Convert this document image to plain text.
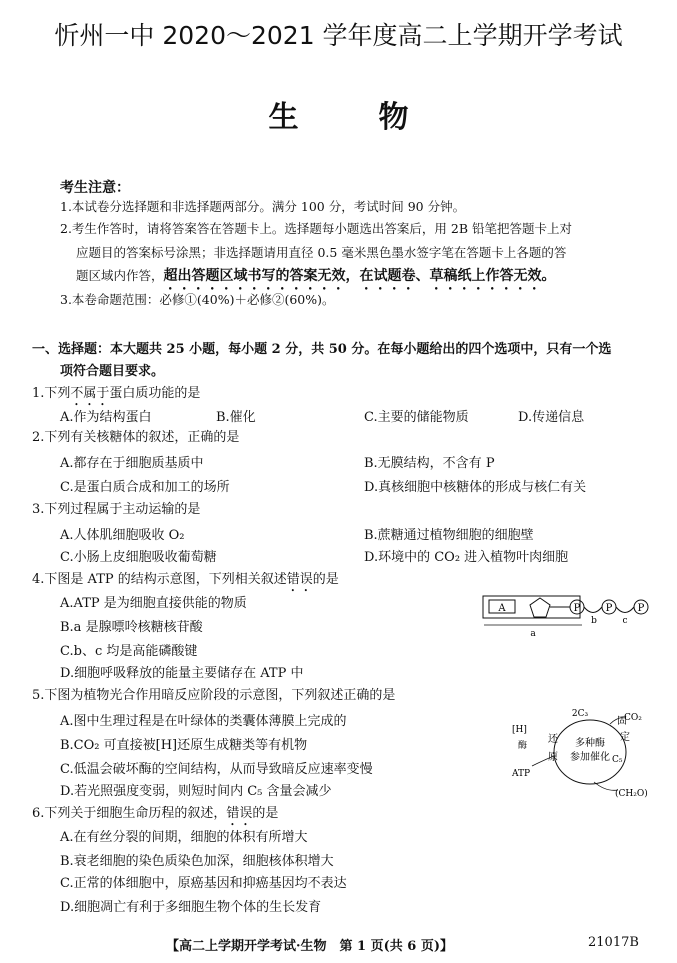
忻州一中 2020～2021 学年度高二上学期开学考试
生	物
考生注意：
1.本试卷分选择题和非选择题两部分。满分 100 分，考试时间 90 分钟。
2.考生作答时，请将答案答在答题卡上。选择题每小题选出答案后，用 2B 铅笔把答题卡上对
应题目的答案标号涂黑；非选择题请用直径 0.5 毫米黑色墨水签字笔在答题卡上各题的答
题区域内作答，超出答题区域书写的答案无效，在试题卷、草稿纸上作答无效。
3.本卷命题范围：必修①(40%)＋必修②(60%)。
一、选择题：本大题共 25 小题，每小题 2 分，共 50 分。在每小题给出的四个选项中，只有一个选
项符合题目要求。
1.下列不属于蛋白质功能的是
A.作为结构蛋白	B.催化	C.主要的储能物质	D.传递信息
2.下列有关核糖体的叙述，正确的是
A.都存在于细胞质基质中	B.无膜结构，不含有 P
C.是蛋白质合成和加工的场所	D.真核细胞中核糖体的形成与核仁有关
3.下列过程属于主动运输的是
A.人体肌细胞吸收 O₂	B.蔗糖通过植物细胞的细胞壁
C.小肠上皮细胞吸收葡萄糖	D.环境中的 CO₂ 进入植物叶肉细胞
4.下图是 ATP 的结构示意图，下列相关叙述错误的是
A.ATP 是为细胞直接供能的物质
B.a 是腺嘌呤核糖核苷酸
C.b、c 均是高能磷酸键
D.细胞呼吸释放的能量主要储存在 ATP 中
A	P	P	P
a
b	c
5.下图为植物光合作用暗反应阶段的示意图，下列叙述正确的是
A.图中生理过程是在叶绿体的类囊体薄膜上完成的
B.CO₂ 可直接被[H]还原生成糖类等有机物
C.低温会破坏酶的空间结构，从而导致暗反应速率变慢
D.若光照强度变弱，则短时间内 C₅ 含量会减少
2C₃
[H]
酶
ATP
还
原
固
定
CO₂
C₅
多种酶
参加催化
(CH₂O)
6.下列关于细胞生命历程的叙述，错误的是
A.在有丝分裂的间期，细胞的体积有所增大
B.衰老细胞的染色质染色加深，细胞核体积增大
C.正常的体细胞中，原癌基因和抑癌基因均不表达
D.细胞凋亡有利于多细胞生物个体的生长发育
【高二上学期开学考试·生物　第 1 页(共 6 页)】	21017B
